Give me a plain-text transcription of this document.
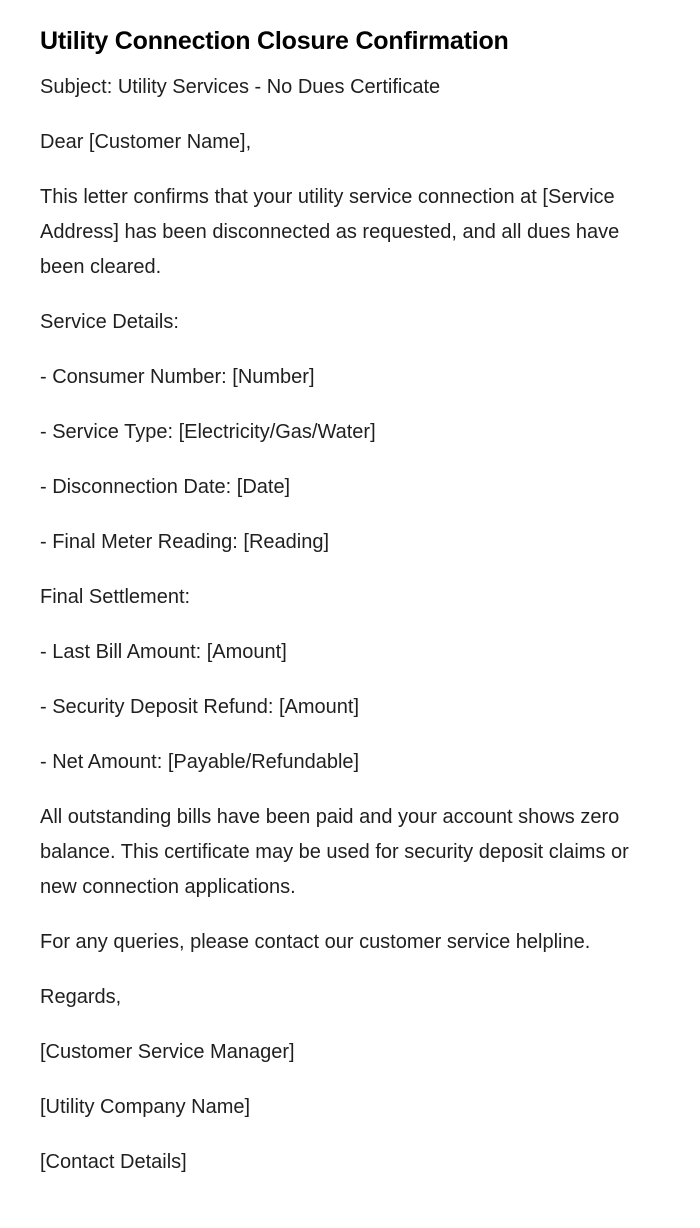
Utility Connection Closure Confirmation

Subject: Utility Services - No Dues Certificate

Dear [Customer Name],

This letter confirms that your utility service connection at [Service Address] has been disconnected as requested, and all dues have been cleared.

Service Details:

- Consumer Number: [Number]

- Service Type: [Electricity/Gas/Water]

- Disconnection Date: [Date]

- Final Meter Reading: [Reading]

Final Settlement:

- Last Bill Amount: [Amount]

- Security Deposit Refund: [Amount]

- Net Amount: [Payable/Refundable]

All outstanding bills have been paid and your account shows zero balance. This certificate may be used for security deposit claims or new connection applications.

For any queries, please contact our customer service helpline.

Regards,

[Customer Service Manager]

[Utility Company Name]

[Contact Details]
